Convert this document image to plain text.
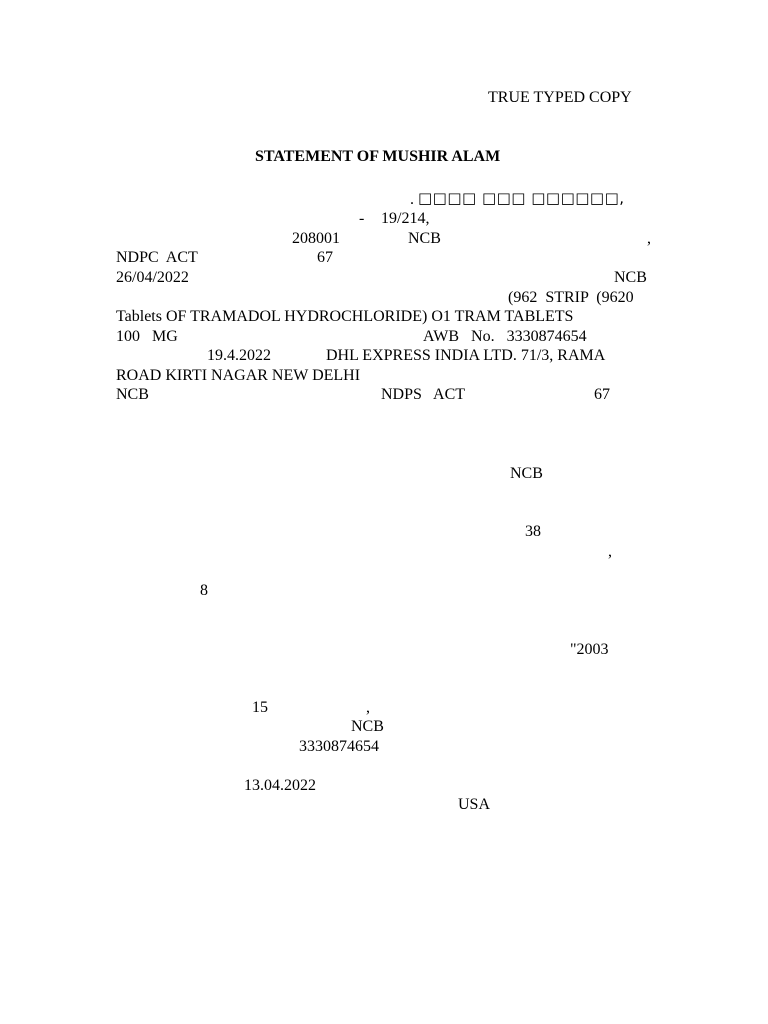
TRUE TYPED COPY
STATEMENT OF MUSHIR ALAM
. □□□□ □□□ □□□□□□,
- 19/214,
208001	NCB	,
NDPC  ACT	67
26/04/2022	NCB
(962  STRIP  (9620
Tablets OF TRAMADOL HYDROCHLORIDE) O1 TRAM TABLETS
100   MG	AWB   No.   3330874654
19.4.2022	DHL EXPRESS INDIA LTD. 71/3, RAMA
ROAD KIRTI NAGAR NEW DELHI
NCB	NDPS   ACT	67
NCB
38
,
8
"2003
15	,
NCB
3330874654
13.04.2022
USA
